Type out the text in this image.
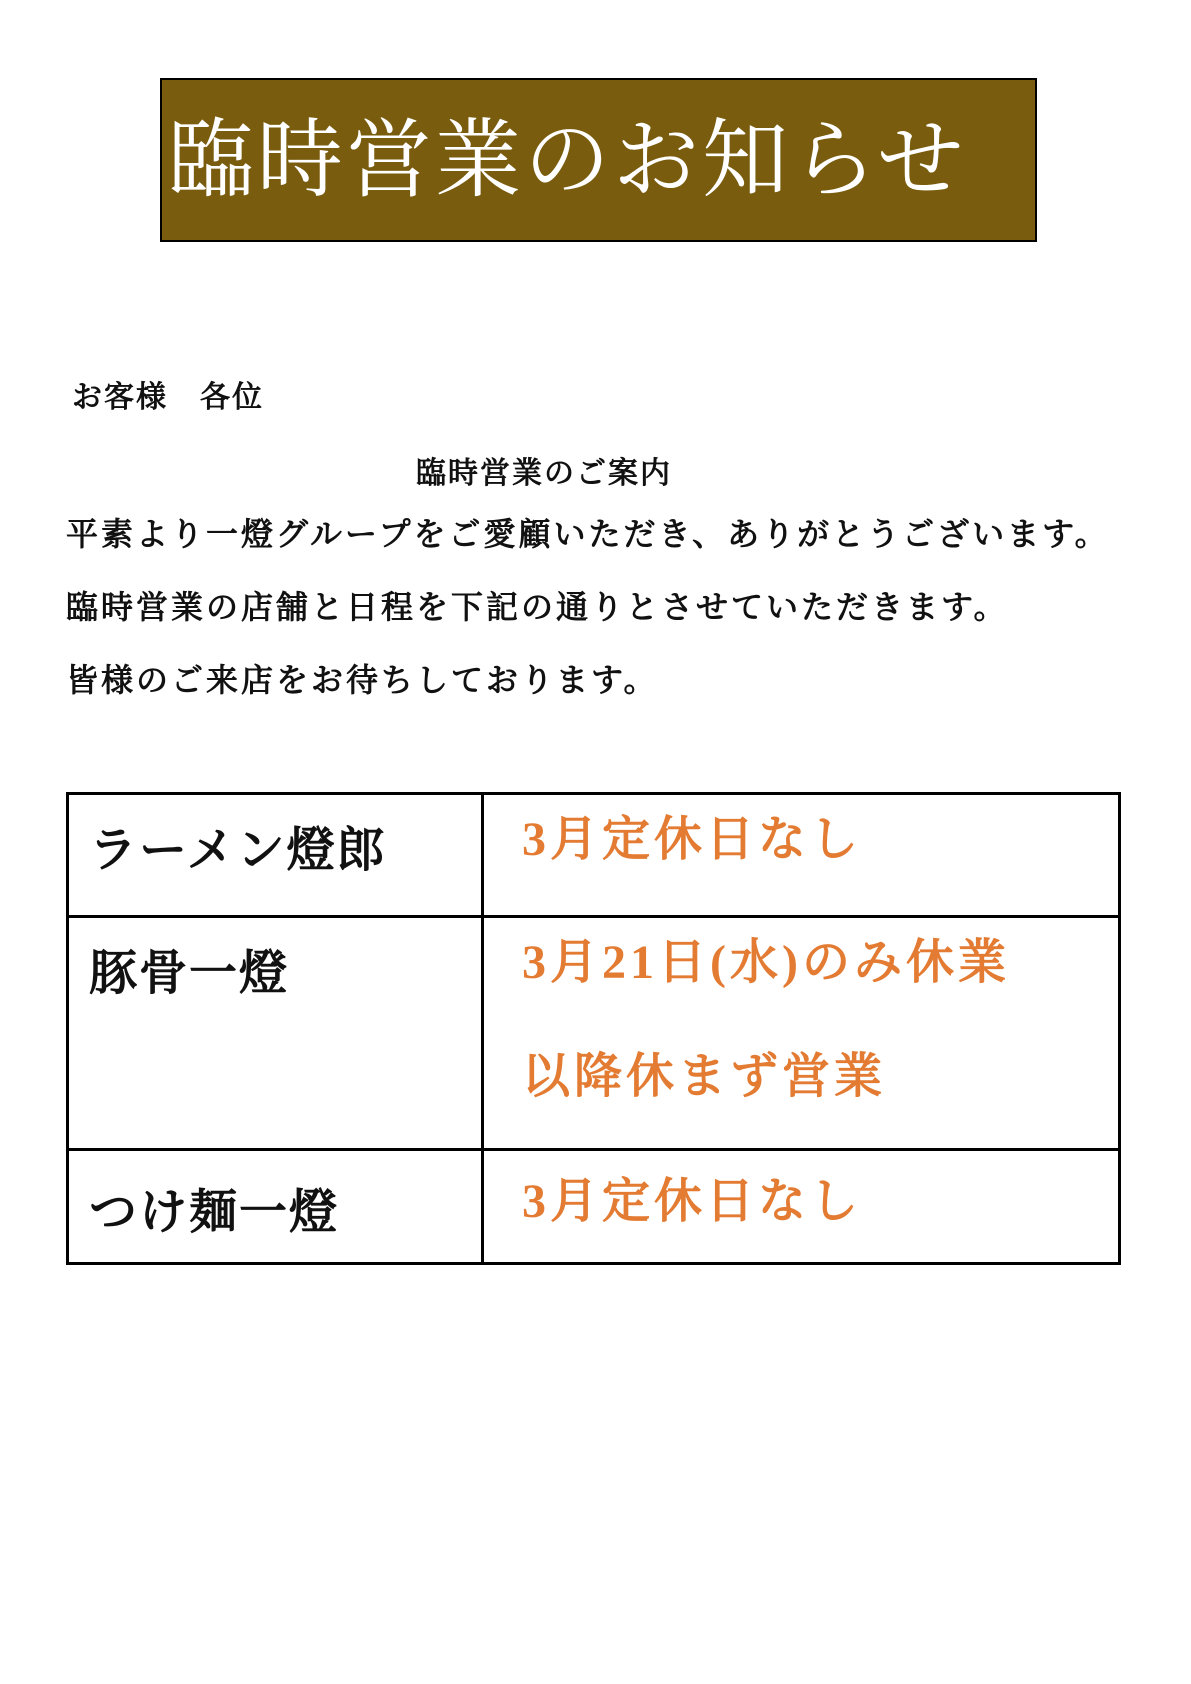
臨時営業のお知らせ
お客様　各位
臨時営業のご案内

平素より一燈グループをご愛顧いただき、ありがとうございます。

臨時営業の店舗と日程を下記の通りとさせていただきます。

皆様のご来店をお待ちしております。

ラーメン燈郎	3月定休日なし

豚骨一燈	3月21日(水)のみ休業
以降休まず営業

つけ麺一燈	3月定休日なし
